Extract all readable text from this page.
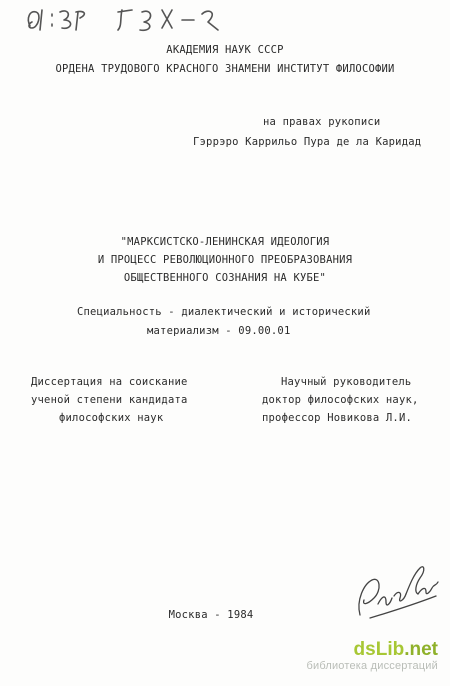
АКАДЕМИЯ НАУК СССР
ОРДЕНА ТРУДОВОГО КРАСНОГО ЗНАМЕНИ ИНСТИТУТ ФИЛОСОФИИ
на правах рукописи
Гэррэро Каррильо Пура де ла Каридад
"МАРКСИСТСКО-ЛЕНИНСКАЯ ИДЕОЛОГИЯ
И ПРОЦЕСС РЕВОЛЮЦИОННОГО ПРЕОБРАЗОВАНИЯ
ОБЩЕСТВЕННОГО СОЗНАНИЯ НА КУБЕ"
Специальность - диалектический и исторический
материализм - 09.00.01
Диссертация на соискание
ученой степени кандидата
философских наук
Научный руководитель
доктор философских наук,
профессор Новикова Л.И.
Москва - 1984
dsLib.net
библиотека диссертаций
